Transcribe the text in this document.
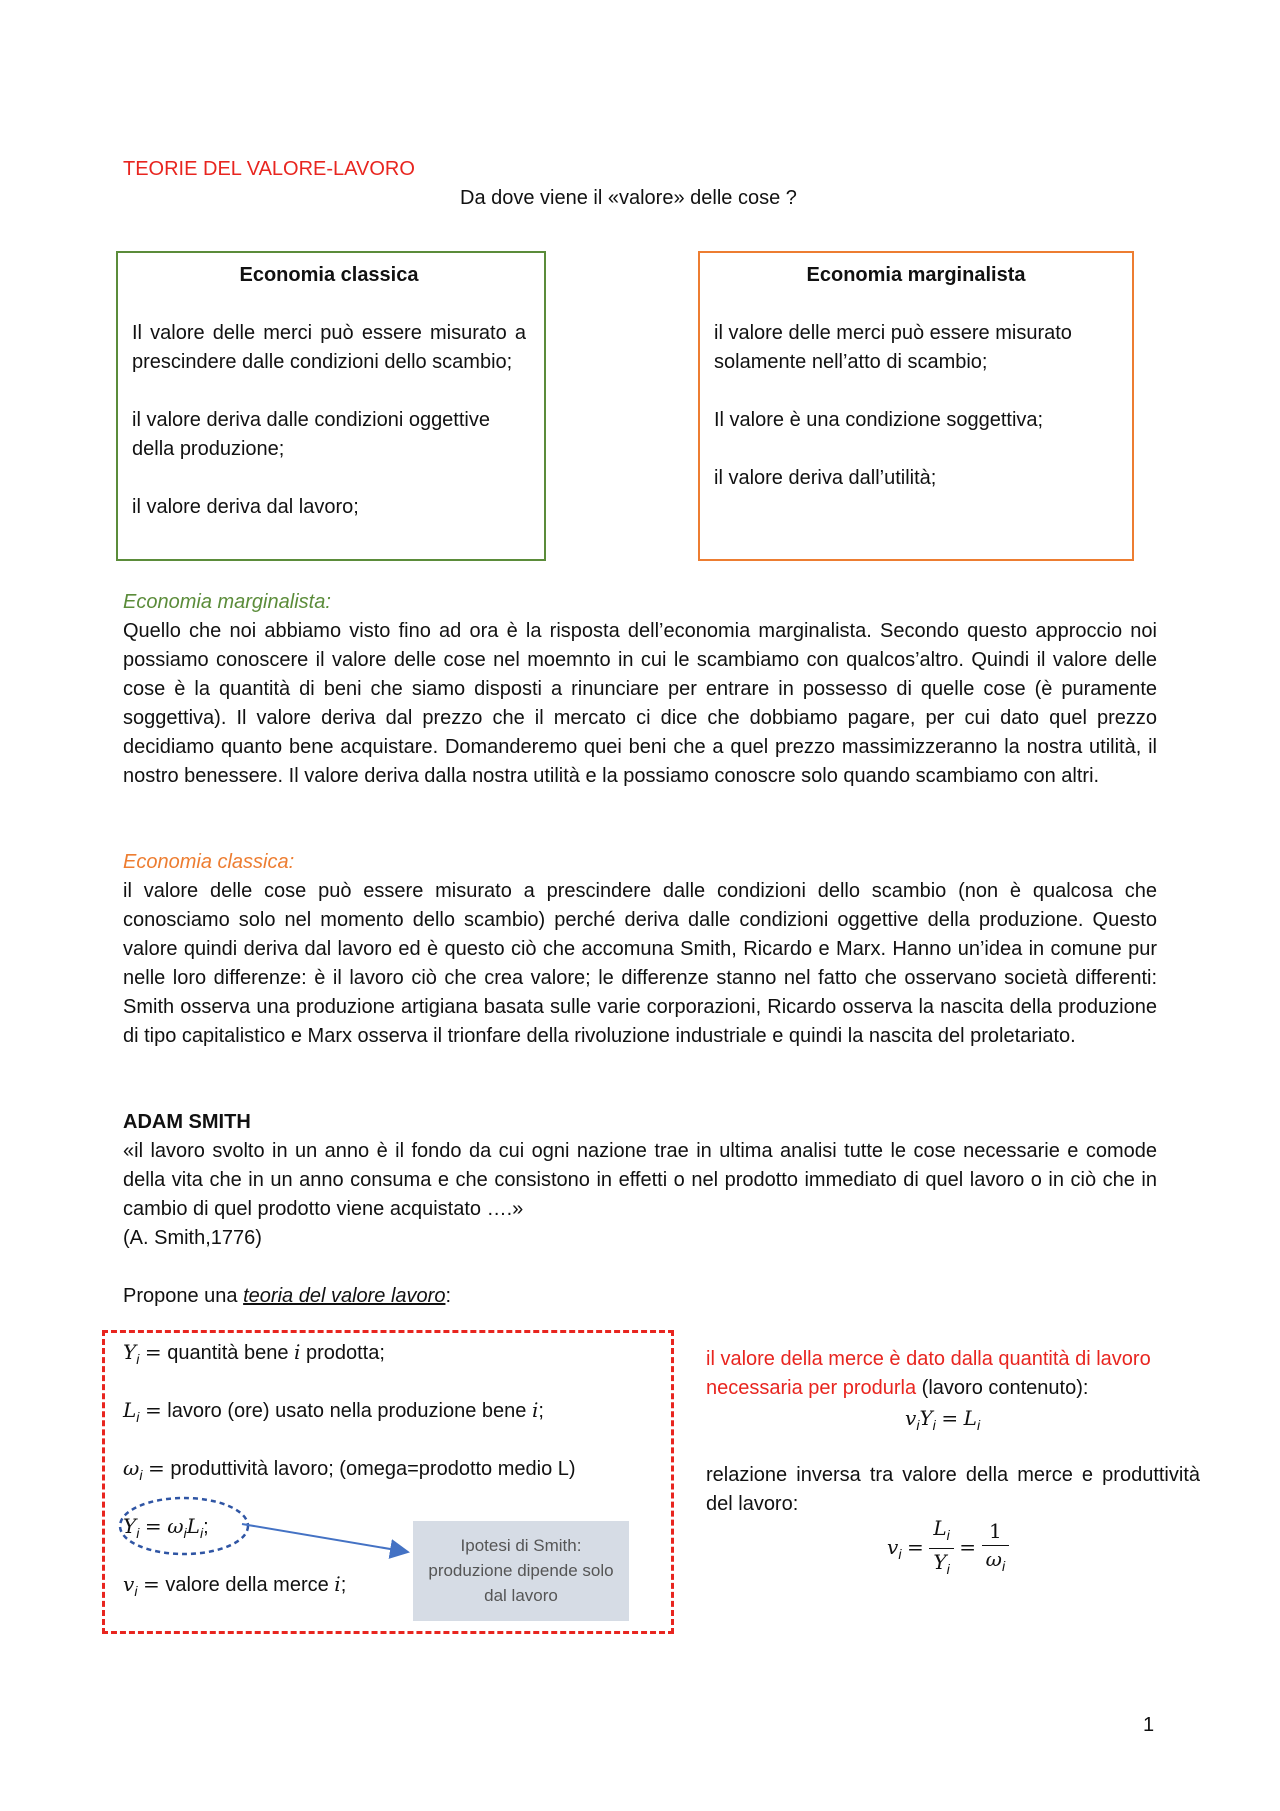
TEORIE DEL VALORE-LAVORO
Da dove viene il «valore» delle cose ?
Economia classica

Il valore delle merci può essere misurato a prescindere dalle condizioni dello scambio;

il valore deriva dalle condizioni oggettive della produzione;

il valore deriva dal lavoro;

Economia marginalista

il valore delle merci può essere misurato solamente nell’atto di scambio;

Il valore è una condizione soggettiva;

il valore deriva dall’utilità;

Economia marginalista:
Quello che noi abbiamo visto fino ad ora è la risposta dell’economia marginalista. Secondo questo approccio noi possiamo conoscere il valore delle cose nel moemnto in cui le scambiamo con qualcos’altro. Quindi il valore delle cose è la quantità di beni che siamo disposti a rinunciare per entrare in possesso di quelle cose (è puramente soggettiva). Il valore deriva dal prezzo che il mercato ci dice che dobbiamo pagare, per cui dato quel prezzo decidiamo quanto bene acquistare. Domanderemo quei beni che a quel prezzo massimizzeranno la nostra utilità, il nostro benessere. Il valore deriva dalla nostra utilità e la possiamo conoscre solo quando scambiamo con altri.
Economia classica:
il valore delle cose può essere misurato a prescindere dalle condizioni dello scambio (non è qualcosa che conosciamo solo nel momento dello scambio) perché deriva dalle condizioni oggettive della produzione. Questo valore quindi deriva dal lavoro ed è questo ciò che accomuna Smith, Ricardo e Marx. Hanno un’idea in comune pur nelle loro differenze: è il lavoro ciò che crea valore; le differenze stanno nel fatto che osservano società differenti: Smith osserva una produzione artigiana basata sulle varie corporazioni, Ricardo osserva la nascita della produzione di tipo capitalistico e Marx osserva il trionfare della rivoluzione industriale e quindi la nascita del proletariato.
ADAM SMITH
«il lavoro svolto in un anno è il fondo da cui ogni nazione trae in ultima analisi tutte le cose necessarie e comode della vita che in un anno consuma e che consistono in effetti o nel prodotto immediato di quel lavoro o in ciò che in cambio di quel prodotto viene acquistato ….»
(A. Smith,1776)
Propone una teoria del valore lavoro:
$Y_i$ = quantità bene i prodotta;
$L_i$ = lavoro (ore) usato nella produzione bene i;
$\omega_i$ = produttività lavoro; (omega=prodotto medio L)
$Y_i = \omega_iL_i$;
Ipotesi di Smith: produzione dipende solo dal lavoro
$v_i$ = valore della merce i;
il valore della merce è dato dalla quantità di lavoro necessaria per produrla (lavoro contenuto):
$v_iY_i = L_i$
relazione inversa tra valore della merce e produttività del lavoro:
$v_i = \frac{L_i}{Y_i} = \frac{1}{\omega_i}$
1
